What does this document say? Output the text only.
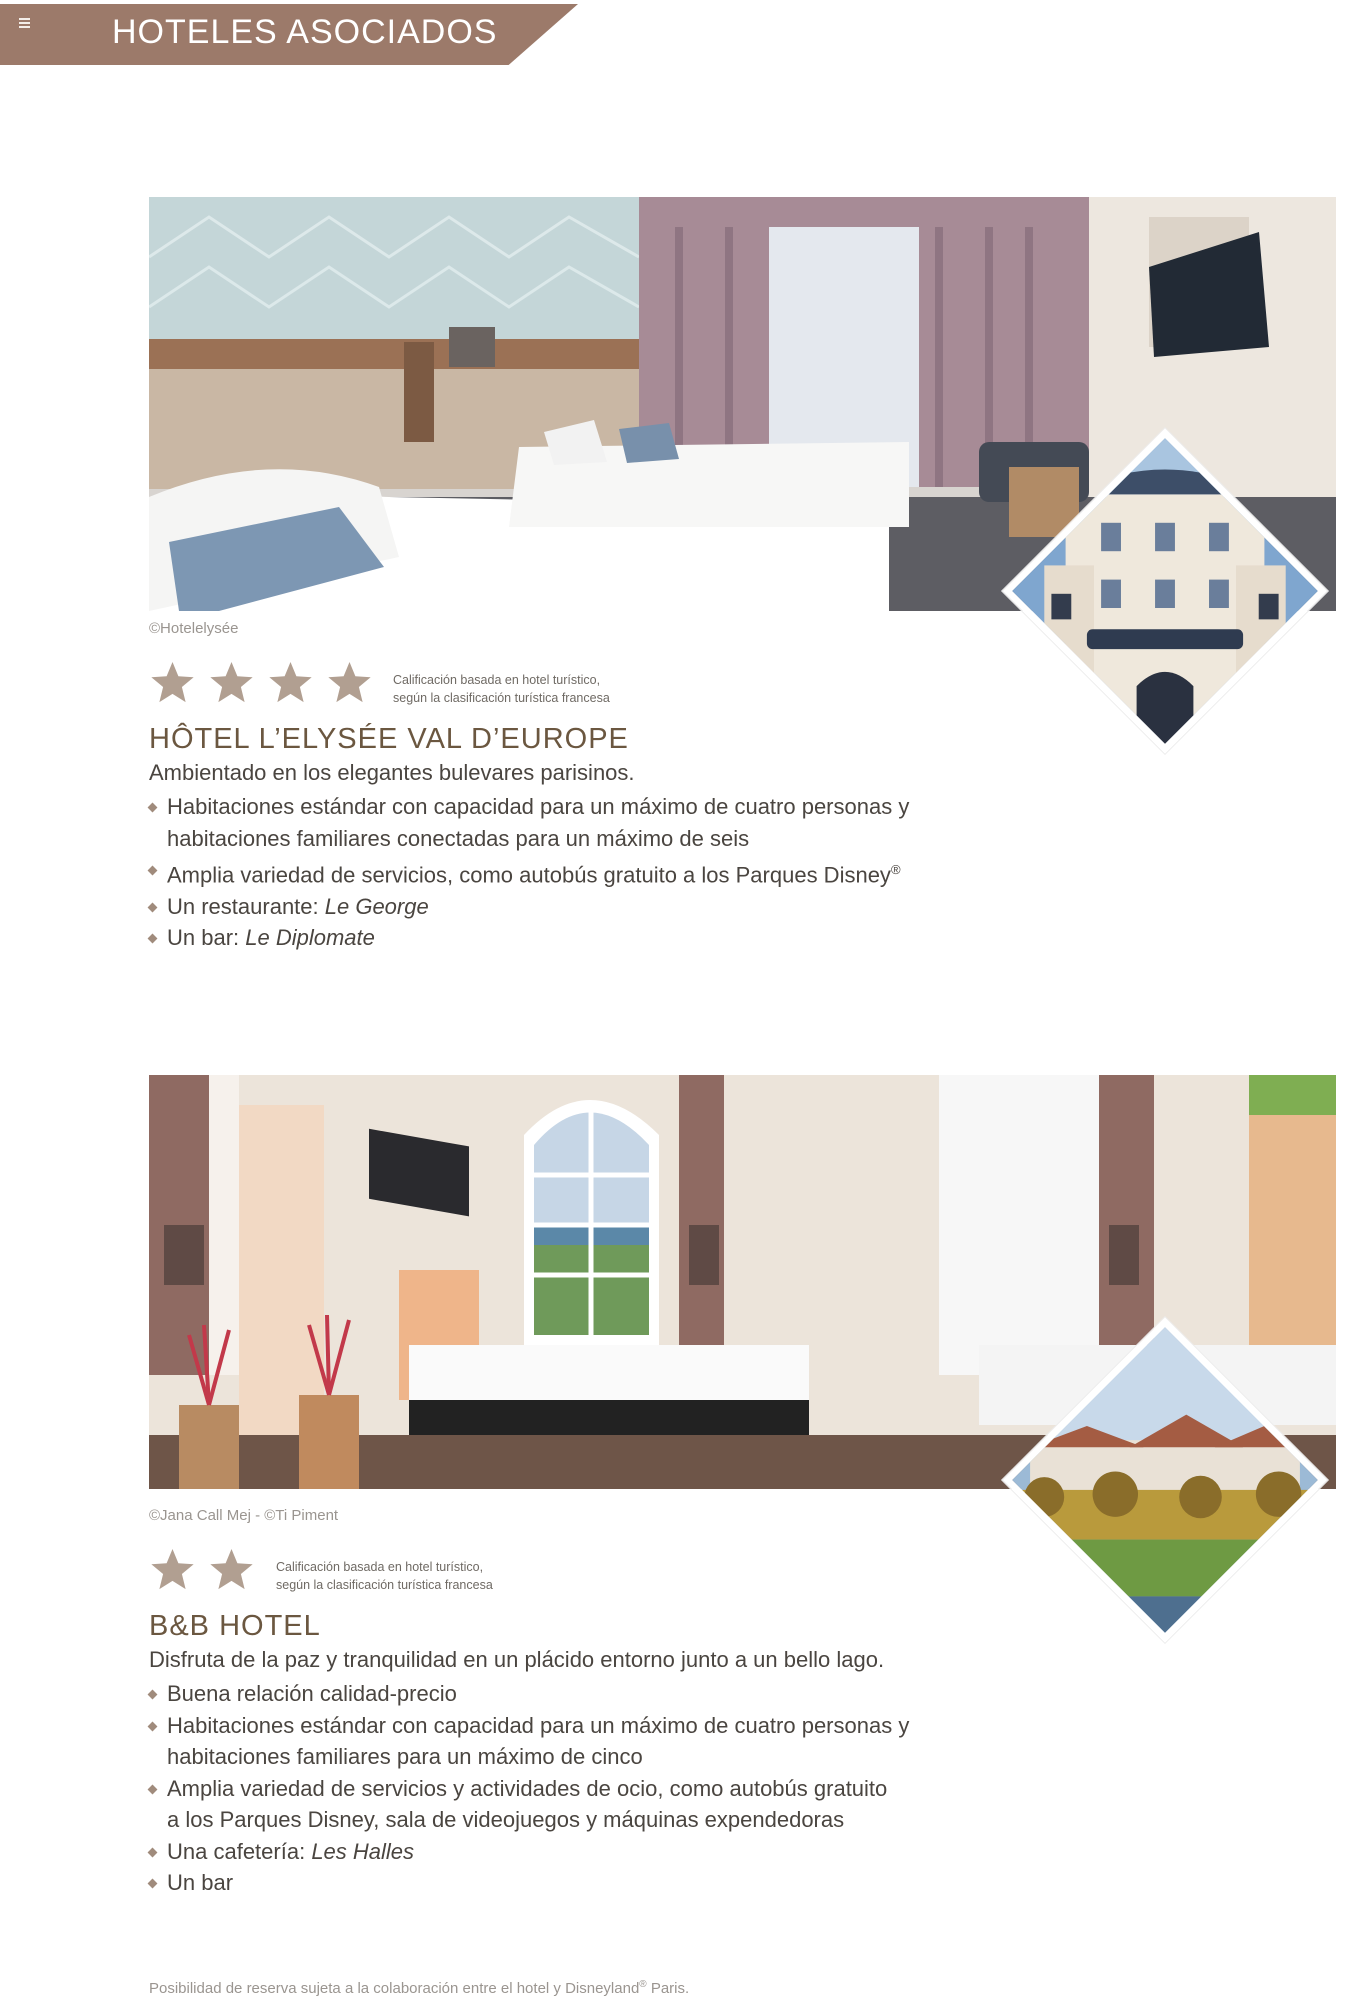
HOTELES ASOCIADOS
©Hotelelysée
Calificación basada en hotel turístico,
según la clasificación turística francesa
HÔTEL L’ELYSÉE VAL D’EUROPE
Ambientado en los elegantes bulevares parisinos.
Habitaciones estándar con capacidad para un máximo de cuatro personas y
habitaciones familiares conectadas para un máximo de seis
Amplia variedad de servicios, como autobús gratuito a los Parques Disney®
Un restaurante: Le George
Un bar: Le Diplomate
©Jana Call Mej - ©Ti Piment
Calificación basada en hotel turístico,
según la clasificación turística francesa
B&B HOTEL
Disfruta de la paz y tranquilidad en un plácido entorno junto a un bello lago.
Buena relación calidad-precio
Habitaciones estándar con capacidad para un máximo de cuatro personas y
habitaciones familiares para un máximo de cinco
Amplia variedad de servicios y actividades de ocio, como autobús gratuito
a los Parques Disney, sala de videojuegos y máquinas expendedoras
Una cafetería: Les Halles
Un bar
Posibilidad de reserva sujeta a la colaboración entre el hotel y Disneyland® Paris.
